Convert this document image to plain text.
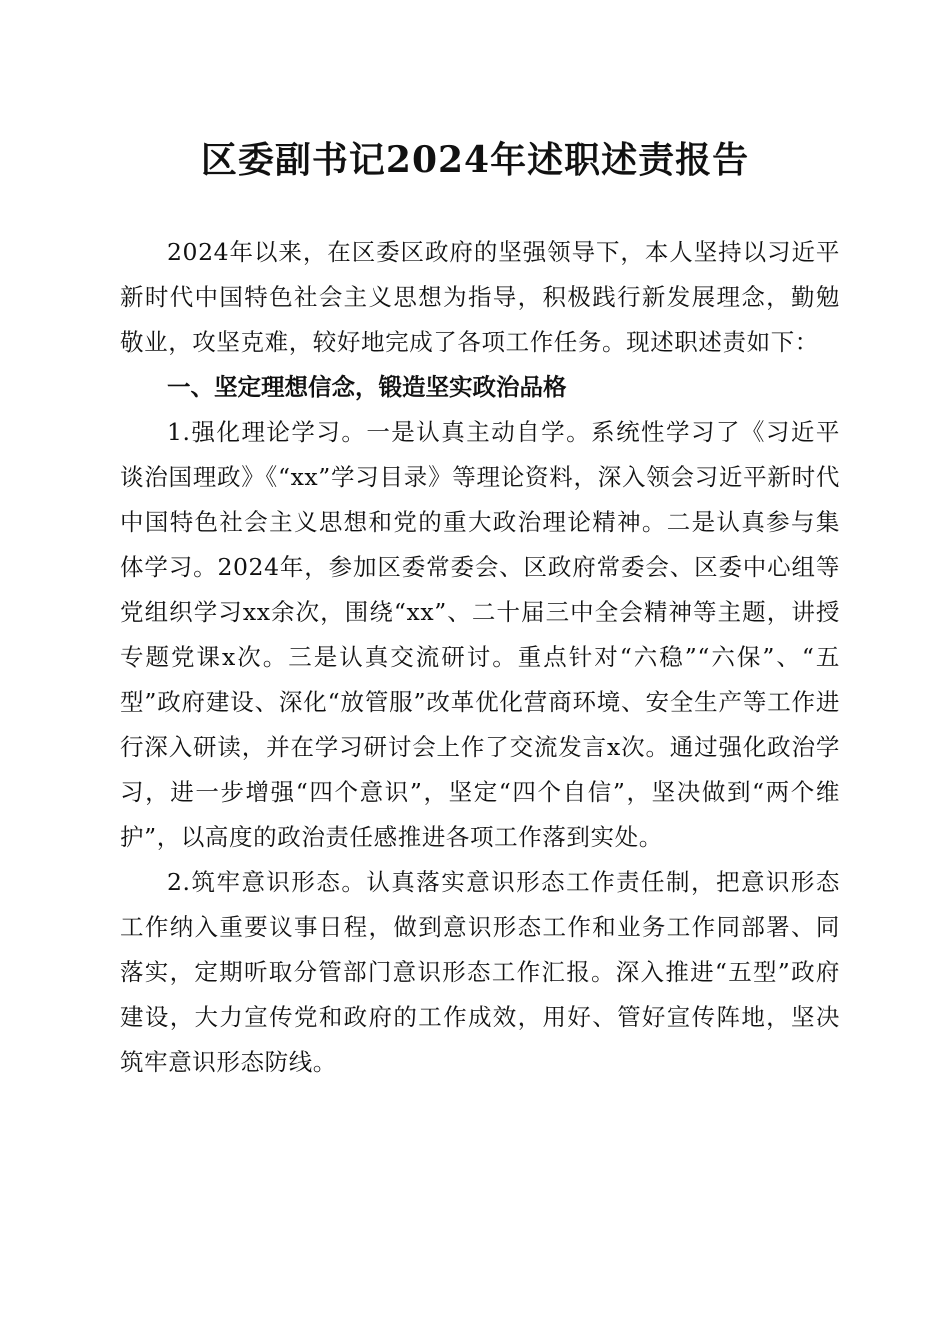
区委副书记2024年述职述责报告

2024年以来，在区委区政府的坚强领导下，本人坚持以习近平新时代中国特色社会主义思想为指导，积极践行新发展理念，勤勉敬业，攻坚克难，较好地完成了各项工作任务。现述职述责如下：

一、坚定理想信念，锻造坚实政治品格

1.强化理论学习。一是认真主动自学。系统性学习了《习近平谈治国理政》《“xx”学习目录》等理论资料，深入领会习近平新时代中国特色社会主义思想和党的重大政治理论精神。二是认真参与集体学习。2024年，参加区委常委会、区政府常委会、区委中心组等党组织学习xx余次，围绕“xx”、二十届三中全会精神等主题，讲授专题党课x次。三是认真交流研讨。重点针对“六稳”“六保”、“五型”政府建设、深化“放管服”改革优化营商环境、安全生产等工作进行深入研读，并在学习研讨会上作了交流发言x次。通过强化政治学习，进一步增强“四个意识”，坚定“四个自信”，坚决做到“两个维护”，以高度的政治责任感推进各项工作落到实处。

2.筑牢意识形态。认真落实意识形态工作责任制，把意识形态工作纳入重要议事日程，做到意识形态工作和业务工作同部署、同落实，定期听取分管部门意识形态工作汇报。深入推进“五型”政府建设，大力宣传党和政府的工作成效，用好、管好宣传阵地，坚决筑牢意识形态防线。
